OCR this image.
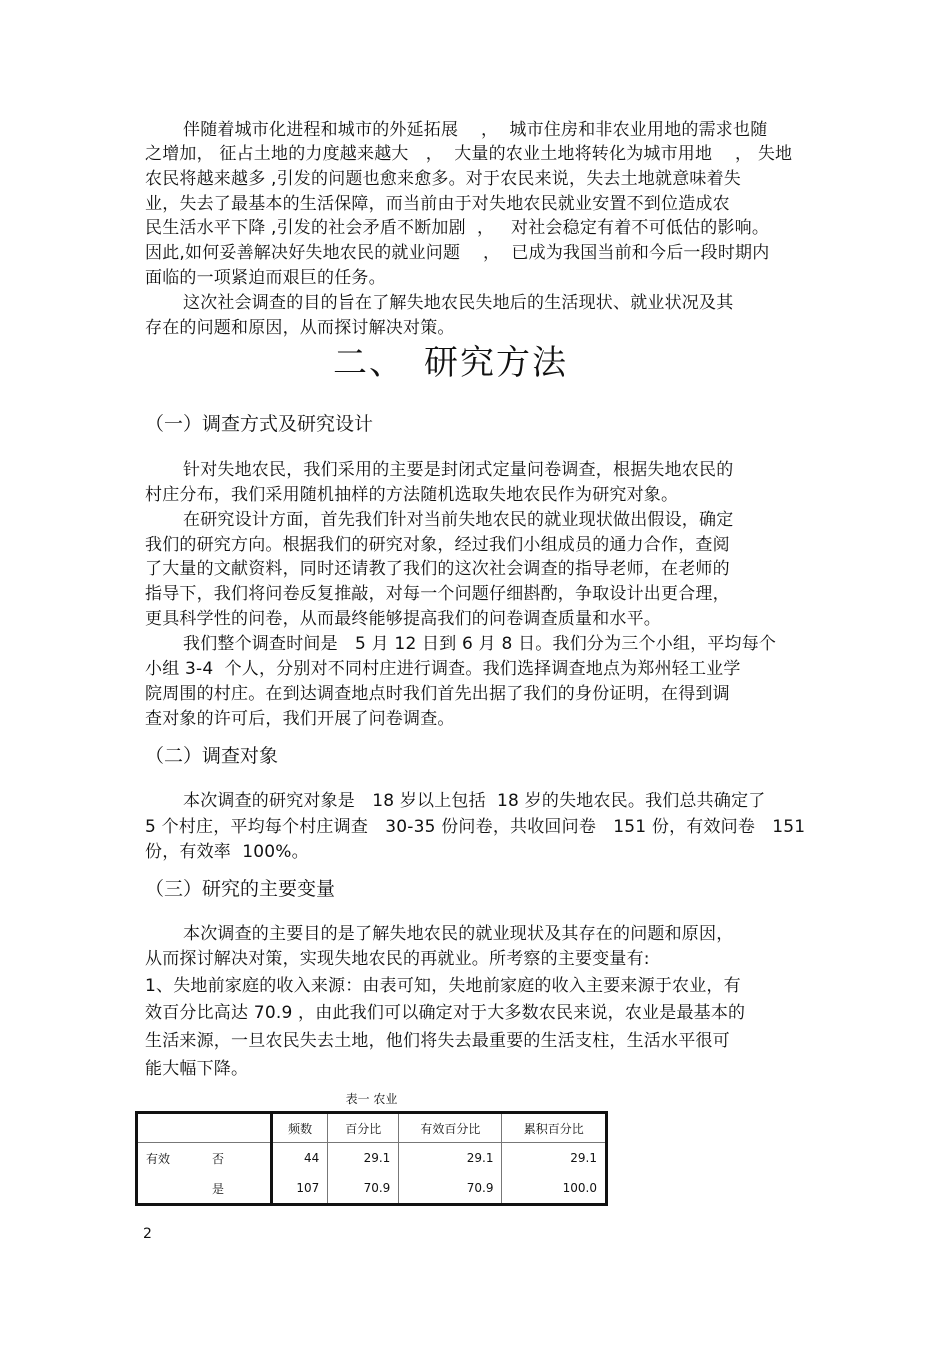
伴随着城市化进程和城市的外延拓展　 ，  城市住房和非农业用地的需求也随
之增加， 征占土地的力度越来越大　，  大量的农业土地将转化为城市用地　 ， 失地
农民将越来越多 ,引发的问题也愈来愈多。对于农民来说，失去土地就意味着失
业，失去了最基本的生活保障，而当前由于对失地农民就业安置不到位造成农
民生活水平下降 ,引发的社会矛盾不断加剧  ，   对社会稳定有着不可低估的影响。
因此,如何妥善解决好失地农民的就业问题　 ，  已成为我国当前和今后一段时期内
面临的一项紧迫而艰巨的任务。
这次社会调查的目的旨在了解失地农民失地后的生活现状、就业状况及其
存在的问题和原因，从而探讨解决对策。
二、　研究方法
（一）调查方式及研究设计
针对失地农民，我们采用的主要是封闭式定量问卷调查，根据失地农民的
村庄分布，我们采用随机抽样的方法随机选取失地农民作为研究对象。
在研究设计方面，首先我们针对当前失地农民的就业现状做出假设，确定
我们的研究方向。根据我们的研究对象，经过我们小组成员的通力合作，查阅
了大量的文献资料，同时还请教了我们的这次社会调查的指导老师，在老师的
指导下，我们将问卷反复推敲，对每一个问题仔细斟酌，争取设计出更合理，
更具科学性的问卷，从而最终能够提高我们的问卷调查质量和水平。
我们整个调查时间是　5 月 12 日到 6 月 8 日。我们分为三个小组，平均每个
小组 3-4  个人，分别对不同村庄进行调查。我们选择调查地点为郑州轻工业学
院周围的村庄。在到达调查地点时我们首先出据了我们的身份证明，在得到调
查对象的许可后，我们开展了问卷调查。
（二）调查对象
本次调查的研究对象是　18 岁以上包括  18 岁的失地农民。我们总共确定了
5 个村庄，平均每个村庄调查　30-35 份问卷，共收回问卷　151 份，有效问卷　151
份，有效率  100%。
（三）研究的主要变量
本次调查的主要目的是了解失地农民的就业现状及其存在的问题和原因，
从而探讨解决对策，实现失地农民的再就业。所考察的主要变量有:
1、失地前家庭的收入来源：由表可知，失地前家庭的收入主要来源于农业，有
效百分比高达 70.9 ，由此我们可以确定对于大多数农民来说，农业是最基本的
生活来源，一旦农民失去土地，他们将失去最重要的生活支柱，生活水平很可
能大幅下降。
表一 农业					
		频数	百分比	有效百分比	累积百分比
有效	否	44	29.1	29.1	29.1
	是	107	70.9	70.9	100.0
2
